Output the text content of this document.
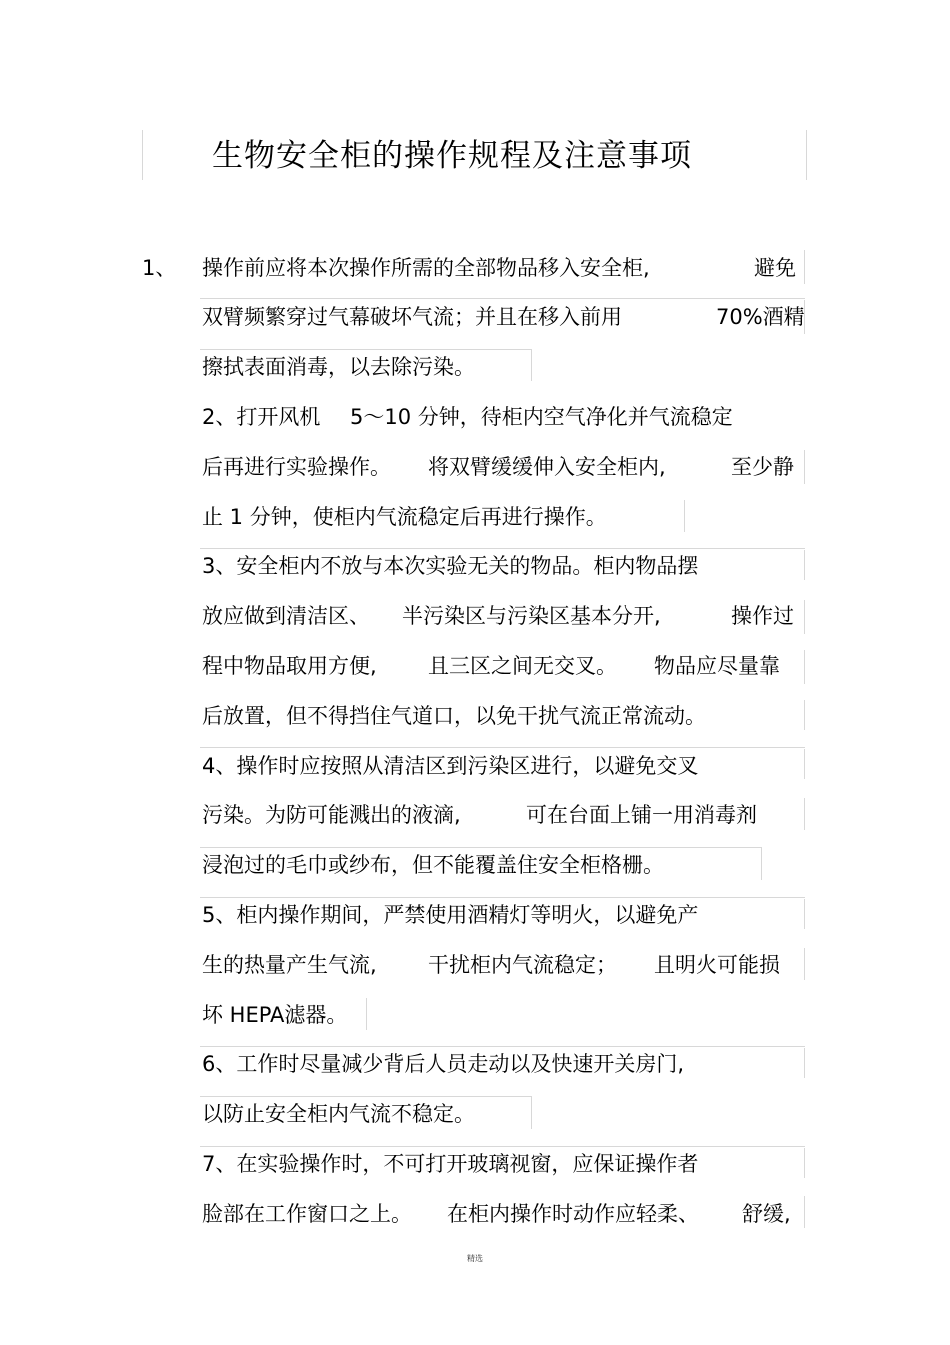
生物安全柜的操作规程及注意事项
1、 操作前应将本次操作所需的全部物品移入安全柜,	避免
双臂频繁穿过气幕破坏气流；并且在移入前用	70%酒精
擦拭表面消毒，以去除污染。
2、打开风机 5～10 分钟，待柜内空气净化并气流稳定
后再进行实验操作。 将双臂缓缓伸入安全柜内,	至少静
止 1 分钟，使柜内气流稳定后再进行操作。
3、安全柜内不放与本次实验无关的物品。柜内物品摆
放应做到清洁区、 半污染区与污染区基本分开,	操作过
程中物品取用方便, 且三区之间无交叉。 物品应尽量靠
后放置，但不得挡住气道口，以免干扰气流正常流动。
4、操作时应按照从清洁区到污染区进行，以避免交叉
污染。为防可能溅出的液滴,	可在台面上铺一用消毒剂
浸泡过的毛巾或纱布，但不能覆盖住安全柜格栅。
5、柜内操作期间，严禁使用酒精灯等明火，以避免产
生的热量产生气流, 干扰柜内气流稳定； 且明火可能损
坏 HEPA滤器。
6、工作时尽量减少背后人员走动以及快速开关房门,
以防止安全柜内气流不稳定。
7、在实验操作时，不可打开玻璃视窗，应保证操作者
脸部在工作窗口之上。 在柜内操作时动作应轻柔、 舒缓,
精选
